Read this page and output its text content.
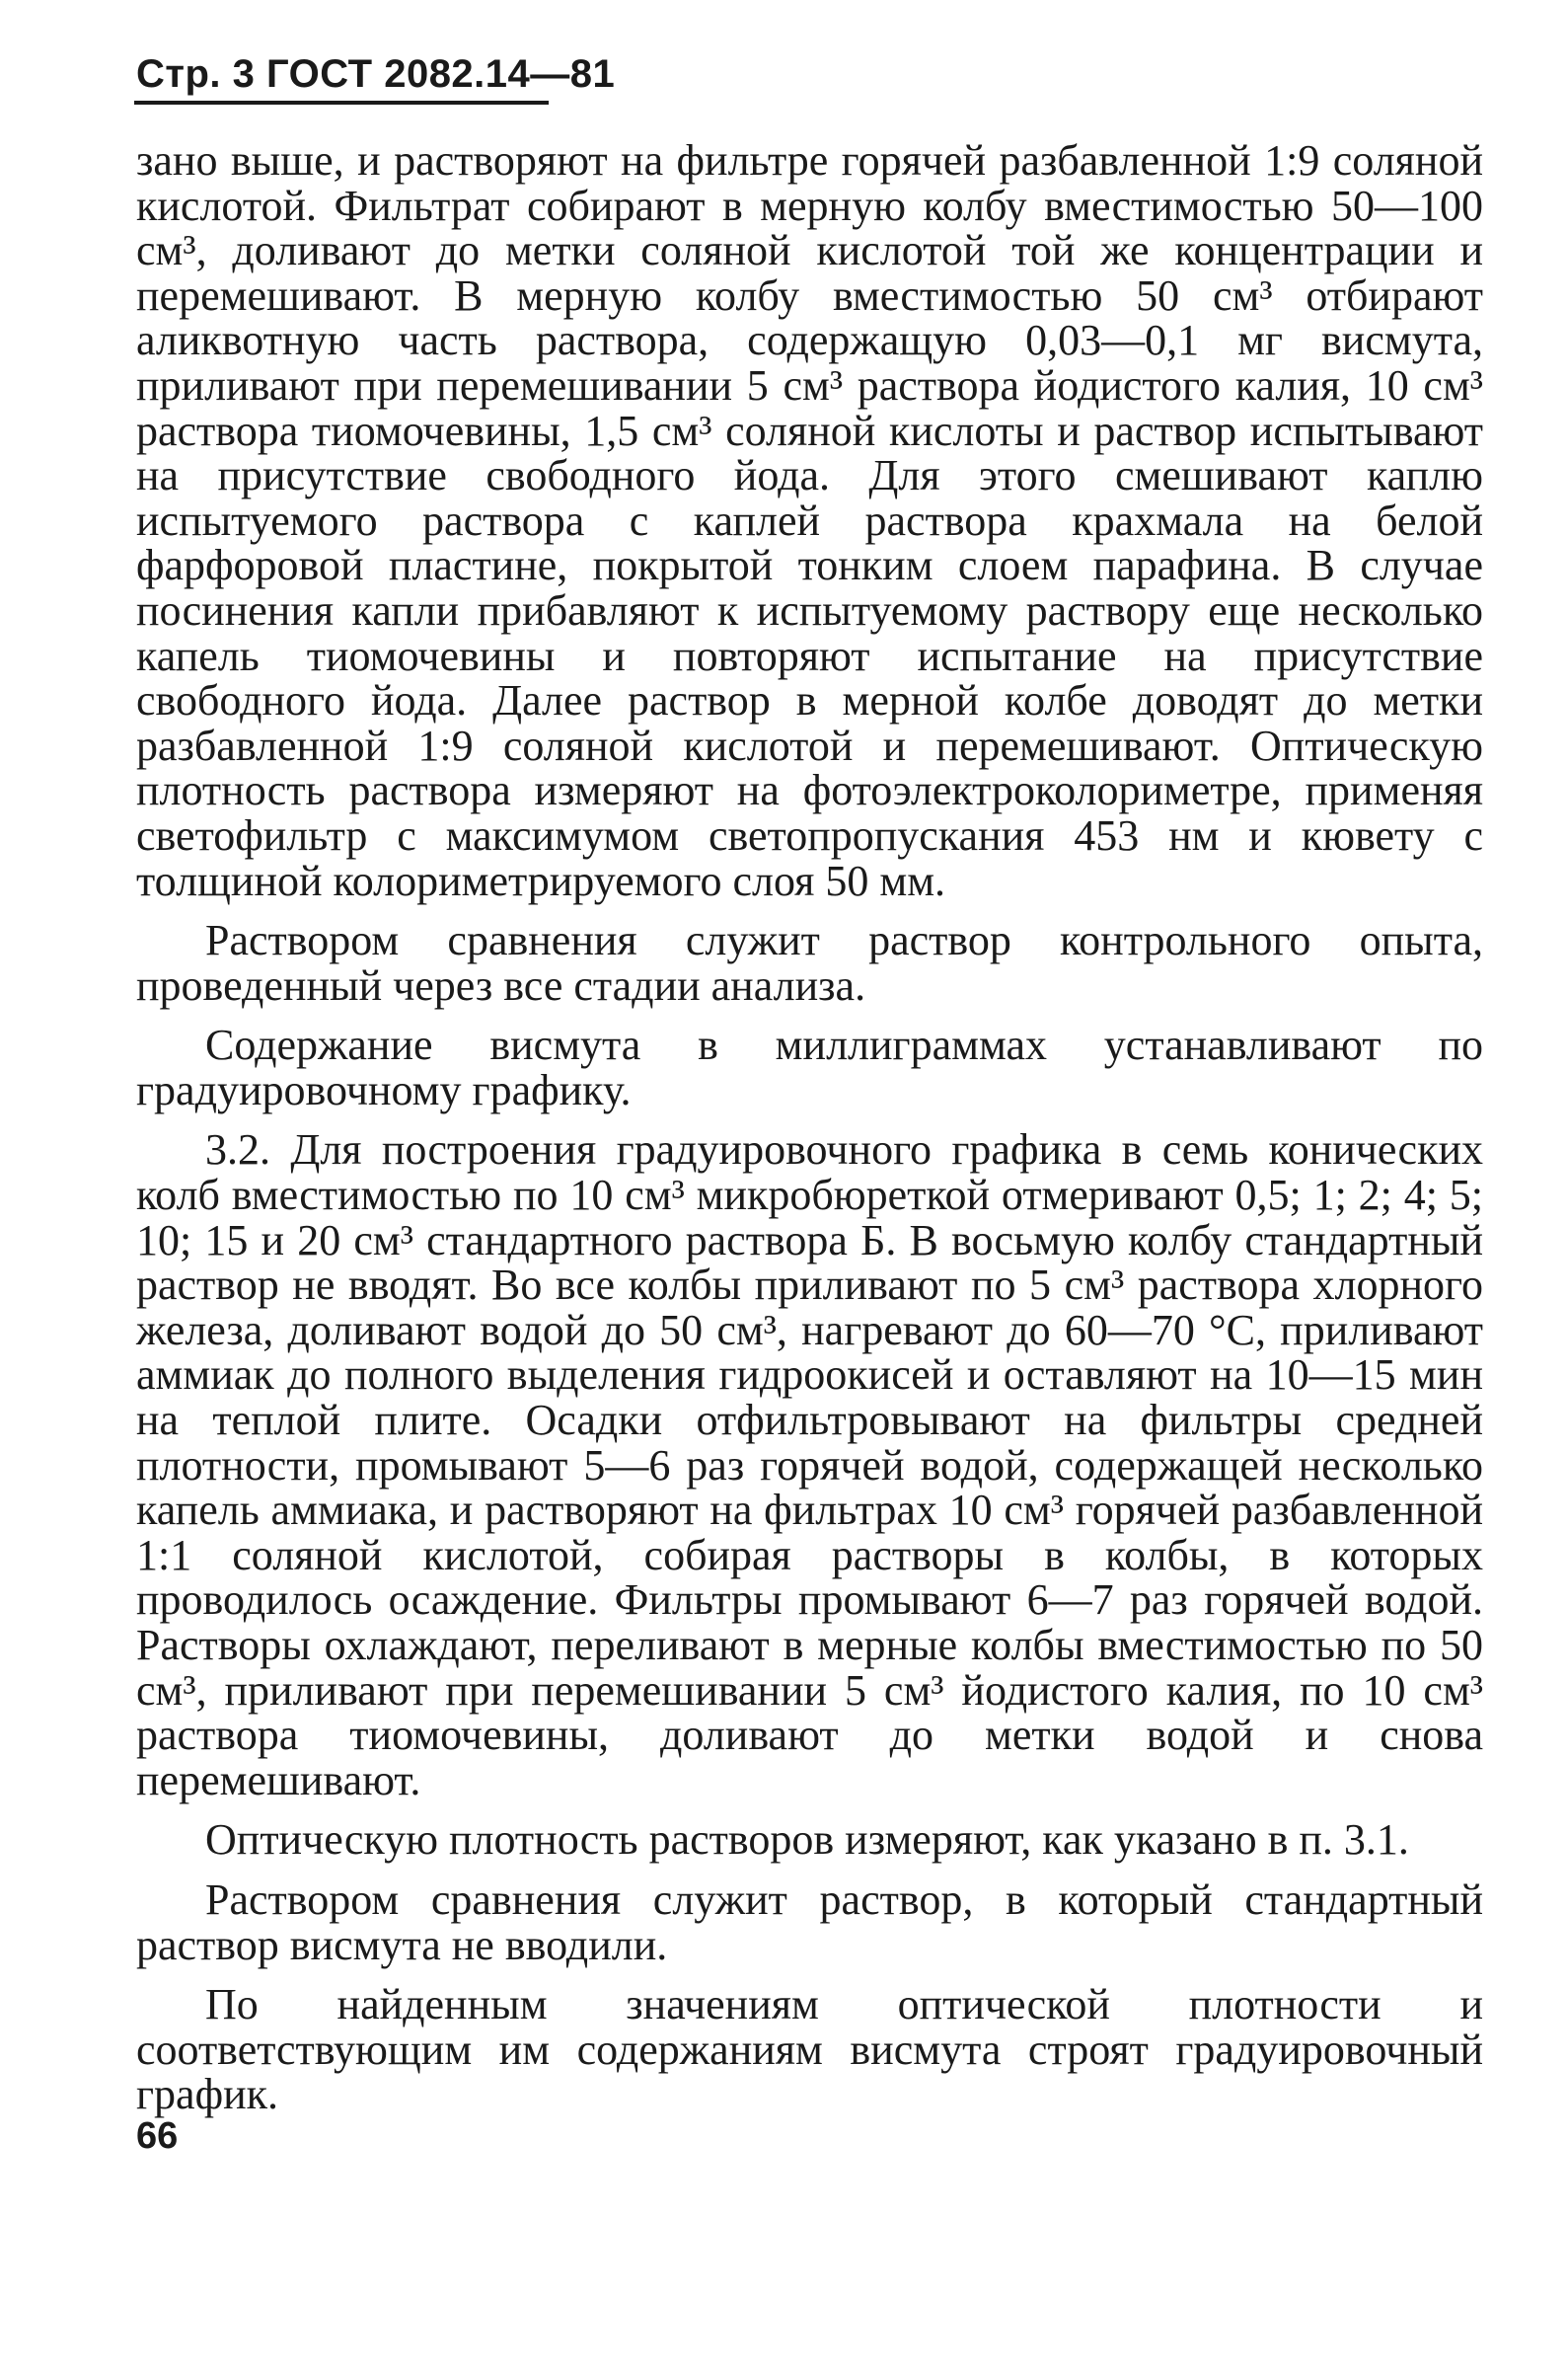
Стр. 3 ГОСТ 2082.14—81

зано выше, и растворяют на фильтре горячей разбавленной 1:9 соляной кислотой. Фильтрат собирают в мерную колбу вместимостью 50—100 см³, доливают до метки соляной кислотой той же концентрации и перемешивают. В мерную колбу вместимостью 50 см³ отбирают аликвотную часть раствора, содержащую 0,03—0,1 мг висмута, приливают при перемешивании 5 см³ раствора йодистого калия, 10 см³ раствора тиомочевины, 1,5 см³ соляной кислоты и раствор испытывают на присутствие свободного йода. Для этого смешивают каплю испытуемого раствора с каплей раствора крахмала на белой фарфоровой пластине, покрытой тонким слоем парафина. В случае посинения капли прибавляют к испытуемому раствору еще несколько капель тиомочевины и повторяют испытание на присутствие свободного йода. Далее раствор в мерной колбе доводят до метки разбавленной 1:9 соляной кислотой и перемешивают. Оптическую плотность раствора измеряют на фотоэлектроколориметре, применяя светофильтр с максимумом светопропускания 453 нм и кювету с толщиной колориметрируемого слоя 50 мм.

Раствором сравнения служит раствор контрольного опыта, проведенный через все стадии анализа.

Содержание висмута в миллиграммах устанавливают по градуировочному графику.

3.2. Для построения градуировочного графика в семь конических колб вместимостью по 10 см³ микробюреткой отмеривают 0,5; 1; 2; 4; 5; 10; 15 и 20 см³ стандартного раствора Б. В восьмую колбу стандартный раствор не вводят. Во все колбы приливают по 5 см³ раствора хлорного железа, доливают водой до 50 см³, нагревают до 60—70 °С, приливают аммиак до полного выделения гидроокисей и оставляют на 10—15 мин на теплой плите. Осадки отфильтровывают на фильтры средней плотности, промывают 5—6 раз горячей водой, содержащей несколько капель аммиака, и растворяют на фильтрах 10 см³ горячей разбавленной 1:1 соляной кислотой, собирая растворы в колбы, в которых проводилось осаждение. Фильтры промывают 6—7 раз горячей водой. Растворы охлаждают, переливают в мерные колбы вместимостью по 50 см³, приливают при перемешивании 5 см³ йодистого калия, по 10 см³ раствора тиомочевины, доливают до метки водой и снова перемешивают.

Оптическую плотность растворов измеряют, как указано в п. 3.1.

Раствором сравнения служит раствор, в который стандартный раствор висмута не вводили.

По найденным значениям оптической плотности и соответствующим им содержаниям висмута строят градуировочный график.

66
